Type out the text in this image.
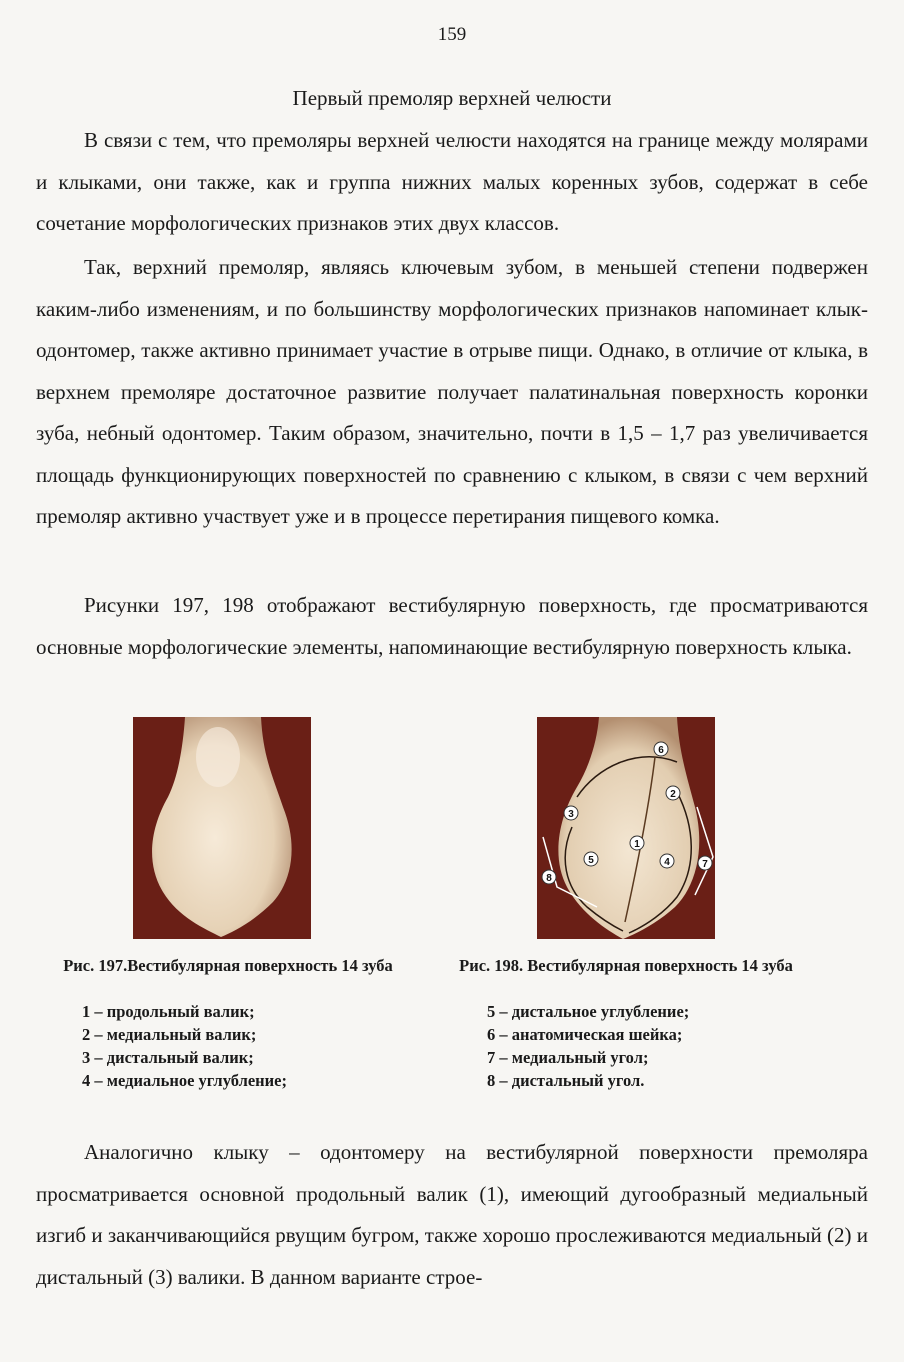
159
Первый премоляр верхней челюсти

В связи с тем, что премоляры верхней челюсти находятся на границе между молярами и клыками, они также, как и группа нижних малых коренных зубов, содержат в себе сочетание морфологических признаков этих двух классов.

Так, верхний премоляр, являясь ключевым зубом, в меньшей степени подвержен каким-либо изменениям, и по большинству морфологических признаков напоминает клык-одонтомер, также активно принимает участие в отрыве пищи. Однако, в отличие от клыка, в верхнем премоляре достаточное развитие получает палатинальная поверхность коронки зуба, небный одонтомер. Таким образом, значительно, почти в 1,5 – 1,7 раз увеличивается площадь функционирующих поверхностей по сравнению с клыком, в связи с чем верхний премоляр активно участвует уже и в процессе перетирания пищевого комка.

Рисунки 197, 198 отображают вестибулярную поверхность, где просматриваются основные морфологические элементы, напоминающие вестибулярную поверхность клыка.

1
2
3
4
5
6
7
8
Рис. 197.Вестибулярная поверхность 14 зуба	Рис. 198. Вестибулярная поверхность 14 зуба
1 – продольный валик;
2 – медиальный валик;
3 – дистальный валик;
4 – медиальное углубление;
5 – дистальное углубление;
6 – анатомическая шейка;
7 – медиальный угол;
8 – дистальный угол.

Аналогично клыку – одонтомеру на вестибулярной поверхности премоляра просматривается основной продольный валик (1), имеющий дугообразный медиальный изгиб и заканчивающийся рвущим бугром, также хорошо прослеживаются медиальный (2) и дистальный (3) валики. В данном варианте строе-
